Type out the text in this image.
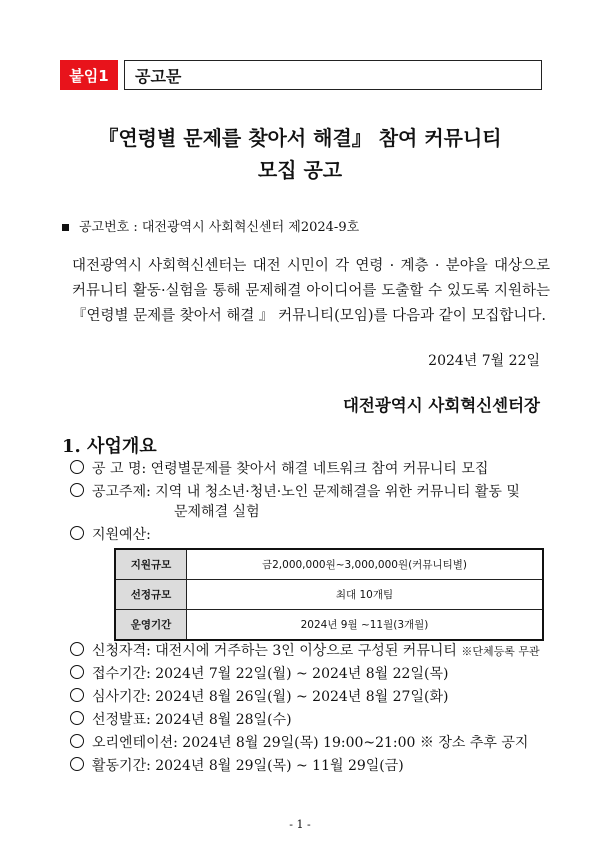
붙임1	공고문
『연령별 문제를 찾아서 해결』 참여 커뮤니티
모집 공고
공고번호 : 대전광역시 사회혁신센터 제2024-9호
대전광역시 사회혁신센터는 대전 시민이 각 연령 · 계층 · 분야을 대상으로 커뮤니티 활동·실험을 통해 문제해결 아이디어를 도출할 수 있도록 지원하는 『연령별 문제를 찾아서 해결 』 커뮤니티(모임)를 다음과 같이 모집합니다.
2024년 7월 22일
대전광역시 사회혁신센터장
1. 사업개요
공 고 명: 연령별문제를 찾아서 해결 네트워크 참여 커뮤니티 모집
공고주제: 지역 내 청소년·청년·노인 문제해결을 위한 커뮤니티 활동 및
문제해결 실험
지원예산:
지원규모	금2,000,000원~3,000,000원(커뮤니티별)
선정규모	최대 10개팀
운영기간	2024년 9월 ~11월(3개월)
신청자격: 대전시에 거주하는 3인 이상으로 구성된 커뮤니티 ※단체등록 무관
접수기간: 2024년 7월 22일(월) ~ 2024년 8월 22일(목)
심사기간: 2024년 8월 26일(월) ~ 2024년 8월 27일(화)
선정발표: 2024년 8월 28일(수)
오리엔테이션: 2024년 8월 29일(목) 19:00~21:00 ※ 장소 추후 공지
활동기간: 2024년 8월 29일(목) ~ 11월 29일(금)
- 1 -
